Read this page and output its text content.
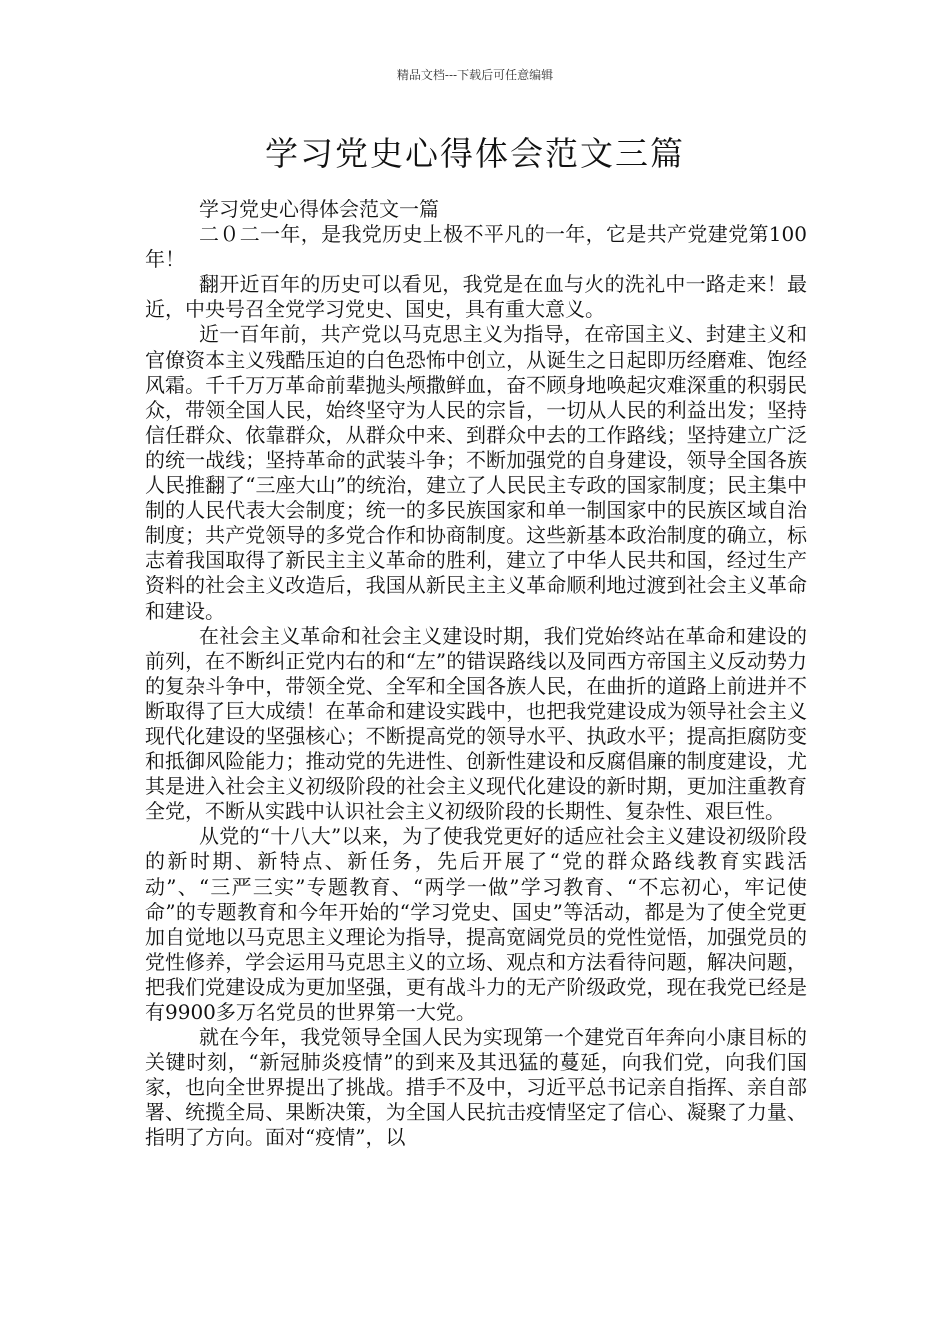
精品文档---下载后可任意编辑
学习党史心得体会范文三篇

学习党史心得体会范文一篇

二０二一年，是我党历史上极不平凡的一年，它是共产党建党第100年！

翻开近百年的历史可以看见，我党是在血与火的洗礼中一路走来！最近，中央号召全党学习党史、国史，具有重大意义。

近一百年前，共产党以马克思主义为指导，在帝国主义、封建主义和官僚资本主义残酷压迫的白色恐怖中创立，从诞生之日起即历经磨难、饱经风霜。千千万万革命前辈抛头颅撒鲜血，奋不顾身地唤起灾难深重的积弱民众，带领全国人民，始终坚守为人民的宗旨，一切从人民的利益出发；坚持信任群众、依靠群众，从群众中来、到群众中去的工作路线；坚持建立广泛的统一战线；坚持革命的武装斗争；不断加强党的自身建设，领导全国各族人民推翻了“三座大山”的统治，建立了人民民主专政的国家制度；民主集中制的人民代表大会制度；统一的多民族国家和单一制国家中的民族区域自治制度；共产党领导的多党合作和协商制度。这些新基本政治制度的确立，标志着我国取得了新民主主义革命的胜利，建立了中华人民共和国，经过生产资料的社会主义改造后，我国从新民主主义革命顺利地过渡到社会主义革命和建设。

在社会主义革命和社会主义建设时期，我们党始终站在革命和建设的前列，在不断纠正党内右的和“左”的错误路线以及同西方帝国主义反动势力的复杂斗争中，带领全党、全军和全国各族人民，在曲折的道路上前进并不断取得了巨大成绩！在革命和建设实践中，也把我党建设成为领导社会主义现代化建设的坚强核心；不断提高党的领导水平、执政水平；提高拒腐防变和抵御风险能力；推动党的先进性、创新性建设和反腐倡廉的制度建设，尤其是进入社会主义初级阶段的社会主义现代化建设的新时期，更加注重教育全党，不断从实践中认识社会主义初级阶段的长期性、复杂性、艰巨性。

从党的“十八大”以来，为了使我党更好的适应社会主义建设初级阶段的新时期、新特点、新任务，先后开展了“党的群众路线教育实践活动”、“三严三实”专题教育、“两学一做”学习教育、“不忘初心，牢记使命”的专题教育和今年开始的“学习党史、国史”等活动，都是为了使全党更加自觉地以马克思主义理论为指导，提高宽阔党员的党性觉悟，加强党员的党性修养，学会运用马克思主义的立场、观点和方法看待问题，解决问题，把我们党建设成为更加坚强，更有战斗力的无产阶级政党，现在我党已经是有9900多万名党员的世界第一大党。

就在今年，我党领导全国人民为实现第一个建党百年奔向小康目标的关键时刻，“新冠肺炎疫情”的到来及其迅猛的蔓延，向我们党，向我们国家，也向全世界提出了挑战。措手不及中，习近平总书记亲自指挥、亲自部署、统揽全局、果断决策，为全国人民抗击疫情坚定了信心、凝聚了力量、指明了方向。面对“疫情”，以
